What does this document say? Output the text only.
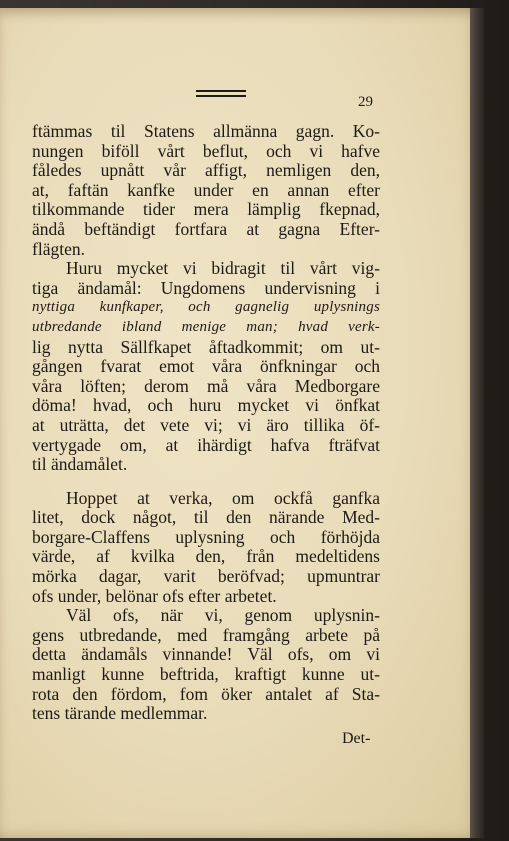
29
ftämmas til Statens allmänna gagn. Ko-
nungen biföll vårt beflut, och vi hafve
fåledes upnått vår affigt, nemligen den,
at, faftän kanfke under en annan efter
tilkommande tider mera lämplig fkepnad,
ändå beftändigt fortfara at gagna Efter-
flägten.
Huru mycket vi bidragit til vårt vig-
tiga ändamål: Ungdomens undervisning i
nyttiga kunfkaper, och gagnelig uplysnings
utbredande ibland menige man; hvad verk-
lig nytta Sällfkapet åftadkommit; om ut-
gången fvarat emot våra önfkningar och
våra löften; derom må våra Medborgare
döma! hvad, och huru mycket vi önfkat
at uträtta, det vete vi; vi äro tillika öf-
vertygade om, at ihärdigt hafva fträfvat
til ändamålet.
Hoppet at verka, om ockfå ganfka
litet, dock något, til den närande Med-
borgare-Claffens uplysning och förhöjda
värde, af kvilka den, från medeltidens
mörka dagar, varit beröfvad; upmuntrar
ofs under, belönar ofs efter arbetet.
Väl ofs, när vi, genom uplysnin-
gens utbredande, med framgång arbete på
detta ändamåls vinnande! Väl ofs, om vi
manligt kunne beftrida, kraftigt kunne ut-
rota den fördom, fom öker antalet af Sta-
tens tärande medlemmar.
Det-
